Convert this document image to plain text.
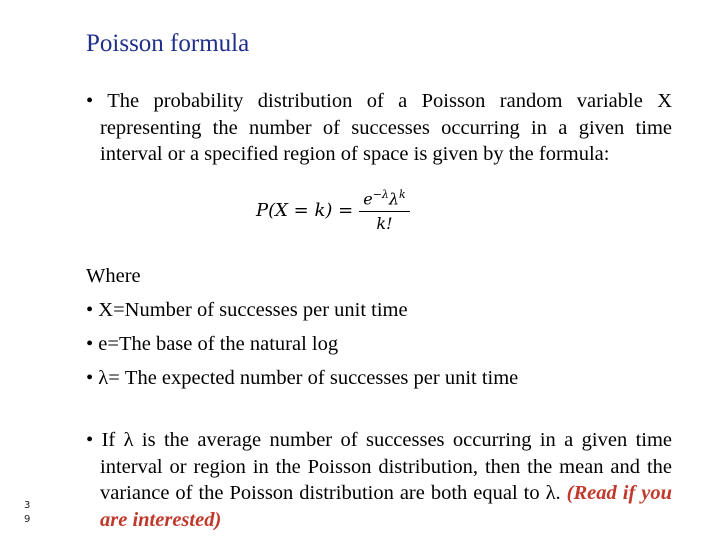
Poisson formula
• The probability distribution of a Poisson random variable X representing the number of successes occurring in a given time interval or a specified region of space is given by the formula:
$P(X = k) = \frac{e^{-\lambda}\lambda^k}{k!}$
Where
• X=Number of successes per unit time
• e=The base of the natural log
• λ= The expected number of successes per unit time
• If λ is the average number of successes occurring in a given time interval or region in the Poisson distribution, then the mean and the variance of the Poisson distribution are both equal to λ. (Read if you are interested)
3
9
